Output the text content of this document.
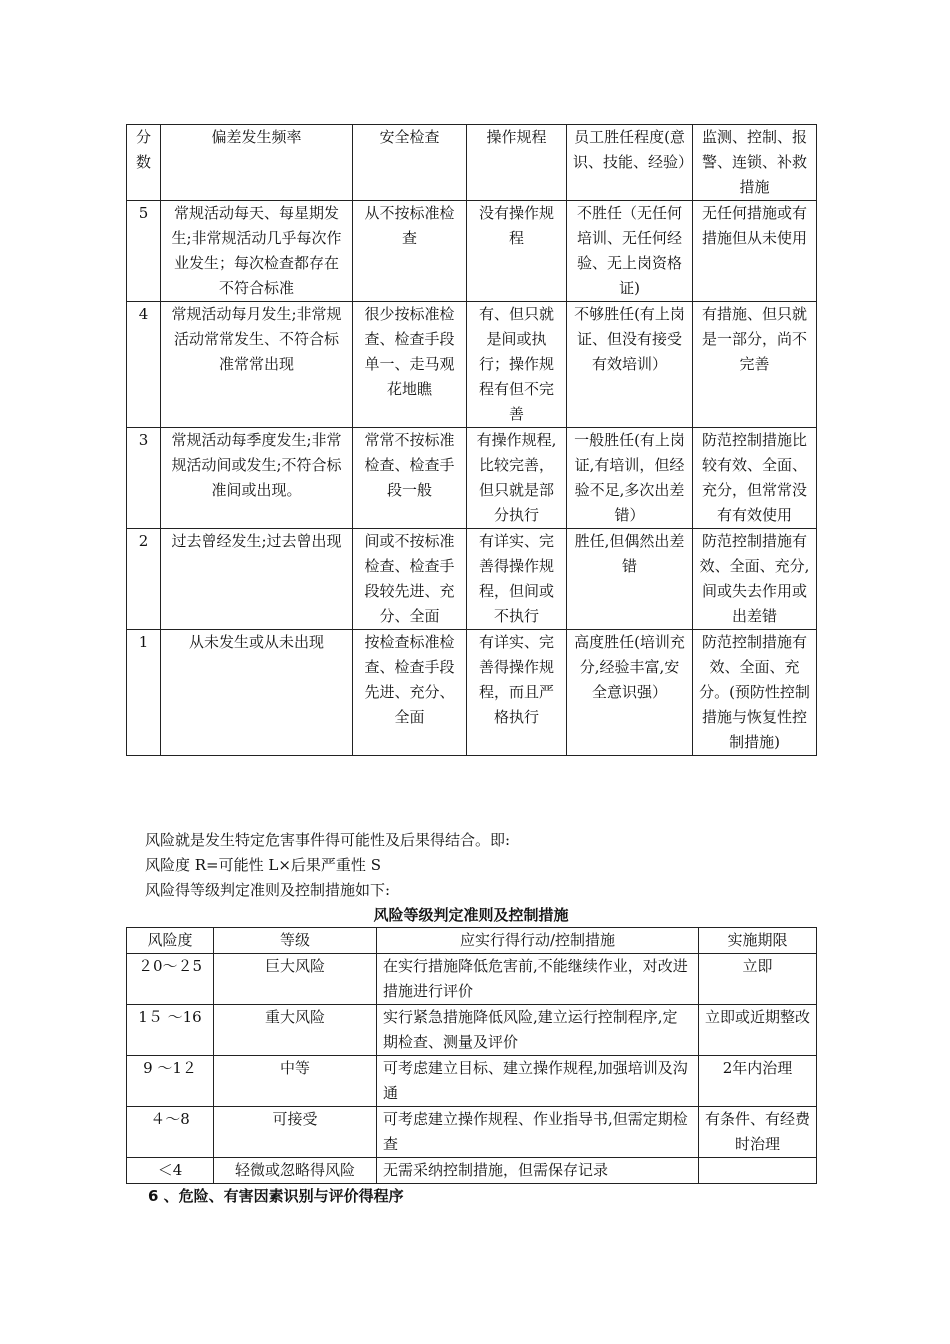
分数	偏差发生频率	安全检查	操作规程	员工胜任程度(意识、技能、经验）	监测、控制、报警、连锁、补救措施
5	常规活动每天、每星期发生;非常规活动几乎每次作业发生；每次检查都存在不符合标准	从不按标准检查	没有操作规程	不胜任（无任何培训、无任何经验、无上岗资格证)	无任何措施或有措施但从未使用
4	常规活动每月发生;非常规活动常常发生、不符合标准常常出现	很少按标准检查、检查手段单一、走马观花地瞧	有、但只就是间或执行；操作规程有但不完善	不够胜任(有上岗证、但没有接受有效培训）	有措施、但只就是一部分，尚不完善
3	常规活动每季度发生;非常规活动间或发生;不符合标准间或出现。	常常不按标准检查、检查手段一般	有操作规程,比较完善，但只就是部分执行	一般胜任(有上岗证,有培训，但经验不足,多次出差错）	防范控制措施比较有效、全面、充分，但常常没有有效使用
2	过去曾经发生;过去曾出现	间或不按标准检查、检查手段较先进、充分、全面	有详实、完善得操作规程，但间或不执行	胜任,但偶然出差错	防范控制措施有效、全面、充分,间或失去作用或出差错
1	从未发生或从未出现	按检查标准检查、检查手段先进、充分、全面	有详实、完善得操作规程，而且严格执行	高度胜任(培训充分,经验丰富,安全意识强）	防范控制措施有效、全面、充分。(预防性控制措施与恢复性控制措施)
风险就是发生特定危害事件得可能性及后果得结合。即:
风险度 R=可能性 L×后果严重性 S
风险得等级判定准则及控制措施如下:
风险等级判定准则及控制措施
风险度	等级	应实行得行动/控制措施	实施期限
２0～２5	巨大风险	在实行措施降低危害前,不能继续作业，对改进措施进行评价	立即
1５ ～16	重大风险	实行紧急措施降低风险,建立运行控制程序,定期检查、测量及评价	立即或近期整改
9 ～1２	中等	可考虑建立目标、建立操作规程,加强培训及沟通	2年内治理
４～8	可接受	可考虑建立操作规程、作业指导书,但需定期检查	有条件、有经费时治理
＜4	轻微或忽略得风险	无需采纳控制措施，但需保存记录	
6 、危险、有害因素识别与评价得程序
